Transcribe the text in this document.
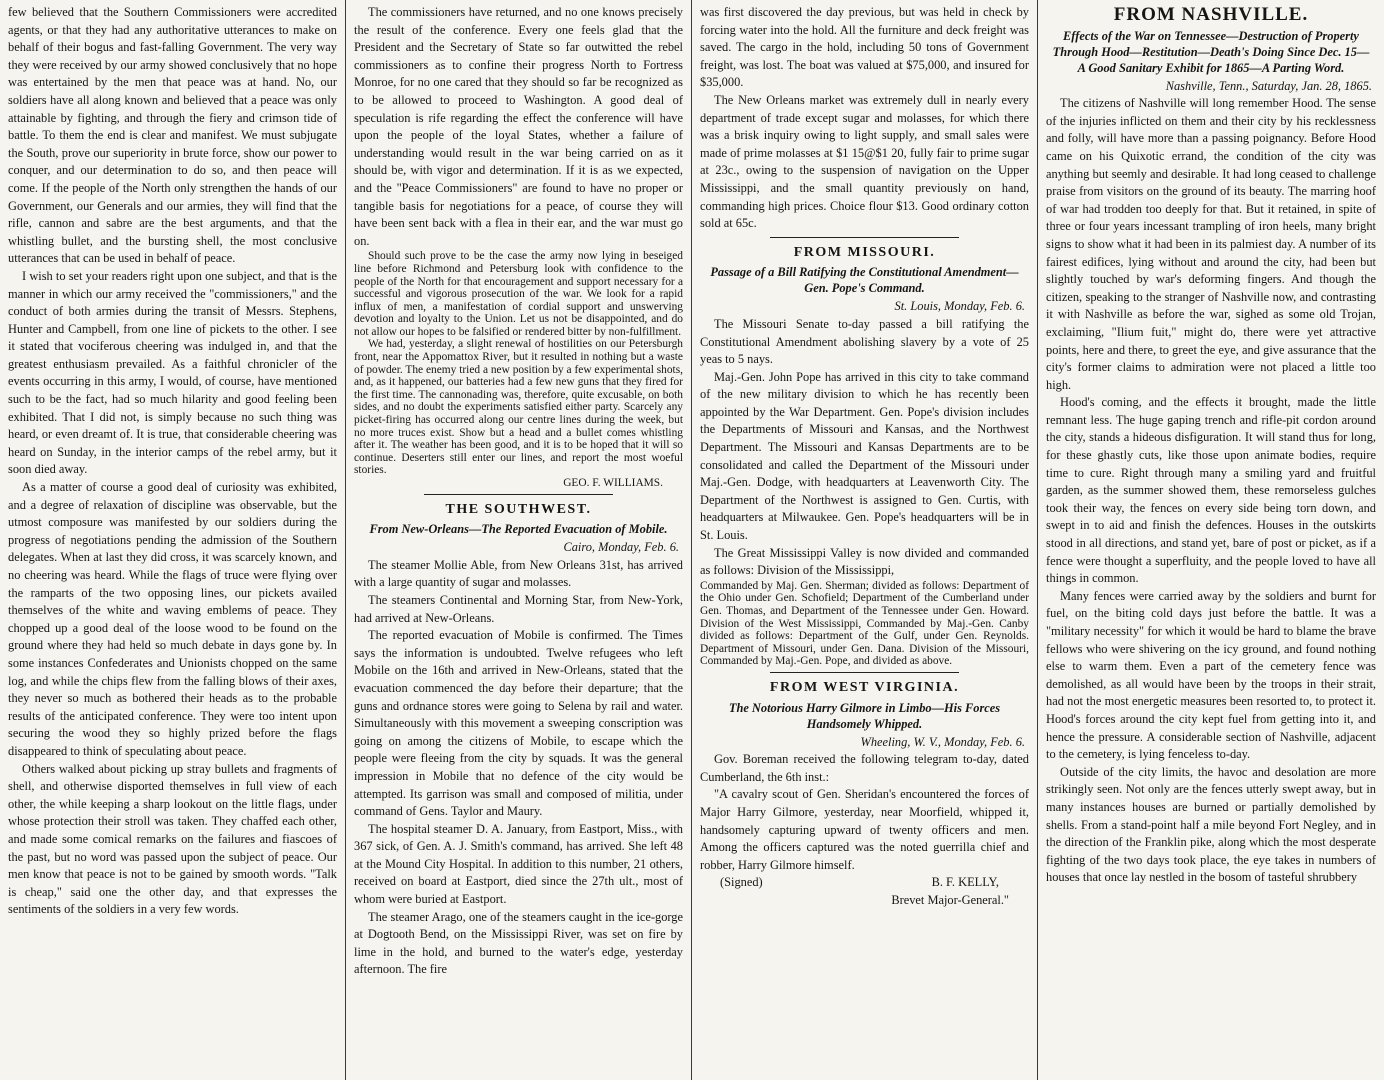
few believed that the Southern Commissioners were accredited agents, or that they had any authoritative utterances to make on behalf of their bogus and fast-falling Government. The very way they were received by our army showed conclusively that no hope was entertained by the men that peace was at hand. No, our soldiers have all along known and believed that a peace was only attainable by fighting, and through the fiery and crimson tide of battle. To them the end is clear and manifest. We must subjugate the South, prove our superiority in brute force, show our power to conquer, and our determination to do so, and then peace will come. If the people of the North only strengthen the hands of our Government, our Generals and our armies, they will find that the rifle, cannon and sabre are the best arguments, and that the whistling bullet, and the bursting shell, the most conclusive utterances that can be used in behalf of peace.

I wish to set your readers right upon one subject, and that is the manner in which our army received the "commissioners," and the conduct of both armies during the transit of Messrs. Stephens, Hunter and Campbell, from one line of pickets to the other. I see it stated that vociferous cheering was indulged in, and that the greatest enthusiasm prevailed. As a faithful chronicler of the events occurring in this army, I would, of course, have mentioned such to be the fact, had so much hilarity and good feeling been exhibited. That I did not, is simply because no such thing was heard, or even dreamt of. It is true, that considerable cheering was heard on Sunday, in the interior camps of the rebel army, but it soon died away.

As a matter of course a good deal of curiosity was exhibited, and a degree of relaxation of discipline was observable, but the utmost composure was manifested by our soldiers during the progress of negotiations pending the admission of the Southern delegates. When at last they did cross, it was scarcely known, and no cheering was heard. While the flags of truce were flying over the ramparts of the two opposing lines, our pickets availed themselves of the white and waving emblems of peace. They chopped up a good deal of the loose wood to be found on the ground where they had held so much debate in days gone by. In some instances Confederates and Unionists chopped on the same log, and while the chips flew from the falling blows of their axes, they never so much as bothered their heads as to the probable results of the anticipated conference. They were too intent upon securing the wood they so highly prized before the flags disappeared to think of speculating about peace.

Others walked about picking up stray bullets and fragments of shell, and otherwise disported themselves in full view of each other, the while keeping a sharp lookout on the little flags, under whose protection their stroll was taken. They chaffed each other, and made some comical remarks on the failures and fiascoes of the past, but no word was passed upon the subject of peace. Our men know that peace is not to be gained by smooth words. "Talk is cheap," said one the other day, and that expresses the sentiments of the soldiers in a very few words.

The commissioners have returned, and no one knows precisely the result of the conference. Every one feels glad that the President and the Secretary of State so far outwitted the rebel commissioners as to confine their progress North to Fortress Monroe, for no one cared that they should so far be recognized as to be allowed to proceed to Washington. A good deal of speculation is rife regarding the effect the conference will have upon the people of the loyal States, whether a failure of understanding would result in the war being carried on as it should be, with vigor and determination. If it is as we expected, and the "Peace Commissioners" are found to have no proper or tangible basis for negotiations for a peace, of course they will have been sent back with a flea in their ear, and the war must go on.

Should such prove to be the case the army now lying in beseiged line before Richmond and Petersburg look with confidence to the people of the North for that encouragement and support necessary for a successful and vigorous prosecution of the war. We look for a rapid influx of men, a manifestation of cordial support and unswerving devotion and loyalty to the Union. Let us not be disappointed, and do not allow our hopes to be falsified or rendered bitter by non-fulfillment.

We had, yesterday, a slight renewal of hostilities on our Petersburgh front, near the Appomattox River, but it resulted in nothing but a waste of powder. The enemy tried a new position by a few experimental shots, and, as it happened, our batteries had a few new guns that they fired for the first time. The cannonading was, therefore, quite excusable, on both sides, and no doubt the experiments satisfied either party. Scarcely any picket-firing has occurred along our centre lines during the week, but no more truces exist. Show but a head and a bullet comes whistling after it. The weather has been good, and it is to be hoped that it will so continue. Deserters still enter our lines, and report the most woeful stories.

GEO. F. WILLIAMS.

THE SOUTHWEST.
From New-Orleans—The Reported Evacuation of Mobile.

Cairo, Monday, Feb. 6.

The steamer Mollie Able, from New Orleans 31st, has arrived with a large quantity of sugar and molasses.

The steamers Continental and Morning Star, from New-York, had arrived at New-Orleans.

The reported evacuation of Mobile is confirmed. The Times says the information is undoubted. Twelve refugees who left Mobile on the 16th and arrived in New-Orleans, stated that the evacuation commenced the day before their departure; that the guns and ordnance stores were going to Selena by rail and water. Simultaneously with this movement a sweeping conscription was going on among the citizens of Mobile, to escape which the people were fleeing from the city by squads. It was the general impression in Mobile that no defence of the city would be attempted. Its garrison was small and composed of militia, under command of Gens. Taylor and Maury.

The hospital steamer D. A. January, from Eastport, Miss., with 367 sick, of Gen. A. J. Smith's command, has arrived. She left 48 at the Mound City Hospital. In addition to this number, 21 others, received on board at Eastport, died since the 27th ult., most of whom were buried at Eastport.

The steamer Arago, one of the steamers caught in the ice-gorge at Dogtooth Bend, on the Mississippi River, was set on fire by lime in the hold, and burned to the water's edge, yesterday afternoon. The fire

was first discovered the day previous, but was held in check by forcing water into the hold. All the furniture and deck freight was saved. The cargo in the hold, including 50 tons of Government freight, was lost. The boat was valued at $75,000, and insured for $35,000.

The New Orleans market was extremely dull in nearly every department of trade except sugar and molasses, for which there was a brisk inquiry owing to light supply, and small sales were made of prime molasses at $1 15@$1 20, fully fair to prime sugar at 23c., owing to the suspension of navigation on the Upper Mississippi, and the small quantity previously on hand, commanding high prices. Choice flour $13. Good ordinary cotton sold at 65c.

FROM MISSOURI.
Passage of a Bill Ratifying the Constitutional Amendment—Gen. Pope's Command.

St. Louis, Monday, Feb. 6.

The Missouri Senate to-day passed a bill ratifying the Constitutional Amendment abolishing slavery by a vote of 25 yeas to 5 nays.

Maj.-Gen. John Pope has arrived in this city to take command of the new military division to which he has recently been appointed by the War Department. Gen. Pope's division includes the Departments of Missouri and Kansas, and the Northwest Department. The Missouri and Kansas Departments are to be consolidated and called the Department of the Missouri under Maj.-Gen. Dodge, with headquarters at Leavenworth City. The Department of the Northwest is assigned to Gen. Curtis, with headquarters at Milwaukee. Gen. Pope's headquarters will be in St. Louis.

The Great Mississippi Valley is now divided and commanded as follows: Division of the Mississippi,

Commanded by Maj. Gen. Sherman; divided as follows: Department of the Ohio under Gen. Schofield; Department of the Cumberland under Gen. Thomas, and Department of the Tennessee under Gen. Howard. Division of the West Mississippi, Commanded by Maj.-Gen. Canby divided as follows: Department of the Gulf, under Gen. Reynolds. Department of Missouri, under Gen. Dana. Division of the Missouri, Commanded by Maj.-Gen. Pope, and divided as above.

FROM WEST VIRGINIA.
The Notorious Harry Gilmore in Limbo—His Forces Handsomely Whipped.

Wheeling, W. V., Monday, Feb. 6.

Gov. Boreman received the following telegram to-day, dated Cumberland, the 6th inst.:

"A cavalry scout of Gen. Sheridan's encountered the forces of Major Harry Gilmore, yesterday, near Moorfield, whipped it, handsomely capturing upward of twenty officers and men. Among the officers captured was the noted guerrilla chief and robber, Harry Gilmore himself.

(Signed)	B. F. KELLY,

Brevet Major-General."

FROM NASHVILLE.
Effects of the War on Tennessee—Destruction of Property Through Hood—Restitution—Death's Doing Since Dec. 15—A Good Sanitary Exhibit for 1865—A Parting Word.

Nashville, Tenn., Saturday, Jan. 28, 1865.

The citizens of Nashville will long remember Hood. The sense of the injuries inflicted on them and their city by his recklessness and folly, will have more than a passing poignancy. Before Hood came on his Quixotic errand, the condition of the city was anything but seemly and desirable. It had long ceased to challenge praise from visitors on the ground of its beauty. The marring hoof of war had trodden too deeply for that. But it retained, in spite of three or four years incessant trampling of iron heels, many bright signs to show what it had been in its palmiest day. A number of its fairest edifices, lying without and around the city, had been but slightly touched by war's deforming fingers. And though the citizen, speaking to the stranger of Nashville now, and contrasting it with Nashville as before the war, sighed as some old Trojan, exclaiming, "Ilium fuit," might do, there were yet attractive points, here and there, to greet the eye, and give assurance that the city's former claims to admiration were not placed a little too high.

Hood's coming, and the effects it brought, made the little remnant less. The huge gaping trench and rifle-pit cordon around the city, stands a hideous disfiguration. It will stand thus for long, for these ghastly cuts, like those upon animate bodies, require time to cure. Right through many a smiling yard and fruitful garden, as the summer showed them, these remorseless gulches took their way, the fences on every side being torn down, and swept in to aid and finish the defences. Houses in the outskirts stood in all directions, and stand yet, bare of post or picket, as if a fence were thought a superfluity, and the people loved to have all things in common.

Many fences were carried away by the soldiers and burnt for fuel, on the biting cold days just before the battle. It was a "military necessity" for which it would be hard to blame the brave fellows who were shivering on the icy ground, and found nothing else to warm them. Even a part of the cemetery fence was demolished, as all would have been by the troops in their strait, had not the most energetic measures been resorted to, to protect it. Hood's forces around the city kept fuel from getting into it, and hence the pressure. A considerable section of Nashville, adjacent to the cemetery, is lying fenceless to-day.

Outside of the city limits, the havoc and desolation are more strikingly seen. Not only are the fences utterly swept away, but in many instances houses are burned or partially demolished by shells. From a stand-point half a mile beyond Fort Negley, and in the direction of the Franklin pike, along which the most desperate fighting of the two days took place, the eye takes in numbers of houses that once lay nestled in the bosom of tasteful shrubbery
